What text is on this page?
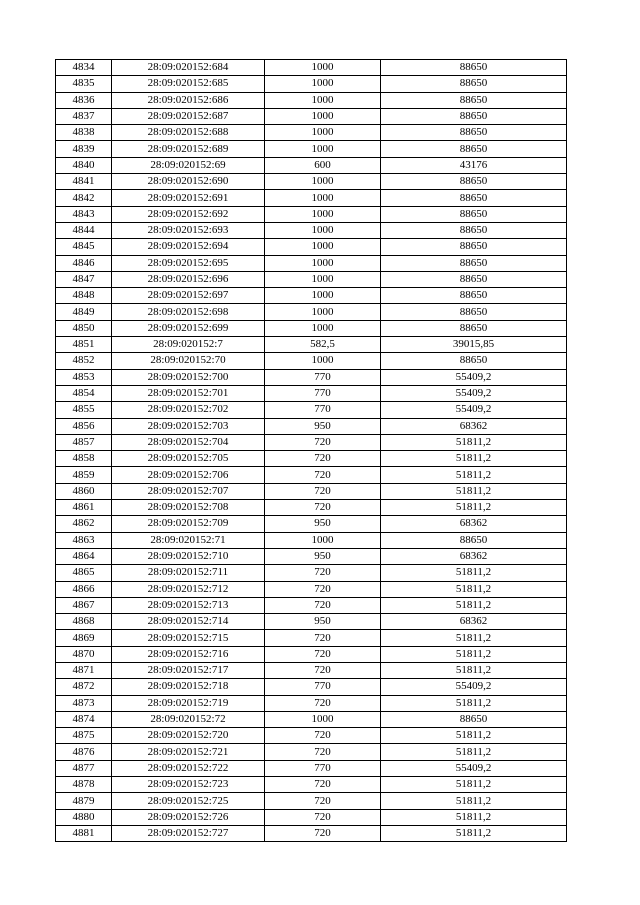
4834	28:09:020152:684	1000	88650
4835	28:09:020152:685	1000	88650
4836	28:09:020152:686	1000	88650
4837	28:09:020152:687	1000	88650
4838	28:09:020152:688	1000	88650
4839	28:09:020152:689	1000	88650
4840	28:09:020152:69	600	43176
4841	28:09:020152:690	1000	88650
4842	28:09:020152:691	1000	88650
4843	28:09:020152:692	1000	88650
4844	28:09:020152:693	1000	88650
4845	28:09:020152:694	1000	88650
4846	28:09:020152:695	1000	88650
4847	28:09:020152:696	1000	88650
4848	28:09:020152:697	1000	88650
4849	28:09:020152:698	1000	88650
4850	28:09:020152:699	1000	88650
4851	28:09:020152:7	582,5	39015,85
4852	28:09:020152:70	1000	88650
4853	28:09:020152:700	770	55409,2
4854	28:09:020152:701	770	55409,2
4855	28:09:020152:702	770	55409,2
4856	28:09:020152:703	950	68362
4857	28:09:020152:704	720	51811,2
4858	28:09:020152:705	720	51811,2
4859	28:09:020152:706	720	51811,2
4860	28:09:020152:707	720	51811,2
4861	28:09:020152:708	720	51811,2
4862	28:09:020152:709	950	68362
4863	28:09:020152:71	1000	88650
4864	28:09:020152:710	950	68362
4865	28:09:020152:711	720	51811,2
4866	28:09:020152:712	720	51811,2
4867	28:09:020152:713	720	51811,2
4868	28:09:020152:714	950	68362
4869	28:09:020152:715	720	51811,2
4870	28:09:020152:716	720	51811,2
4871	28:09:020152:717	720	51811,2
4872	28:09:020152:718	770	55409,2
4873	28:09:020152:719	720	51811,2
4874	28:09:020152:72	1000	88650
4875	28:09:020152:720	720	51811,2
4876	28:09:020152:721	720	51811,2
4877	28:09:020152:722	770	55409,2
4878	28:09:020152:723	720	51811,2
4879	28:09:020152:725	720	51811,2
4880	28:09:020152:726	720	51811,2
4881	28:09:020152:727	720	51811,2
